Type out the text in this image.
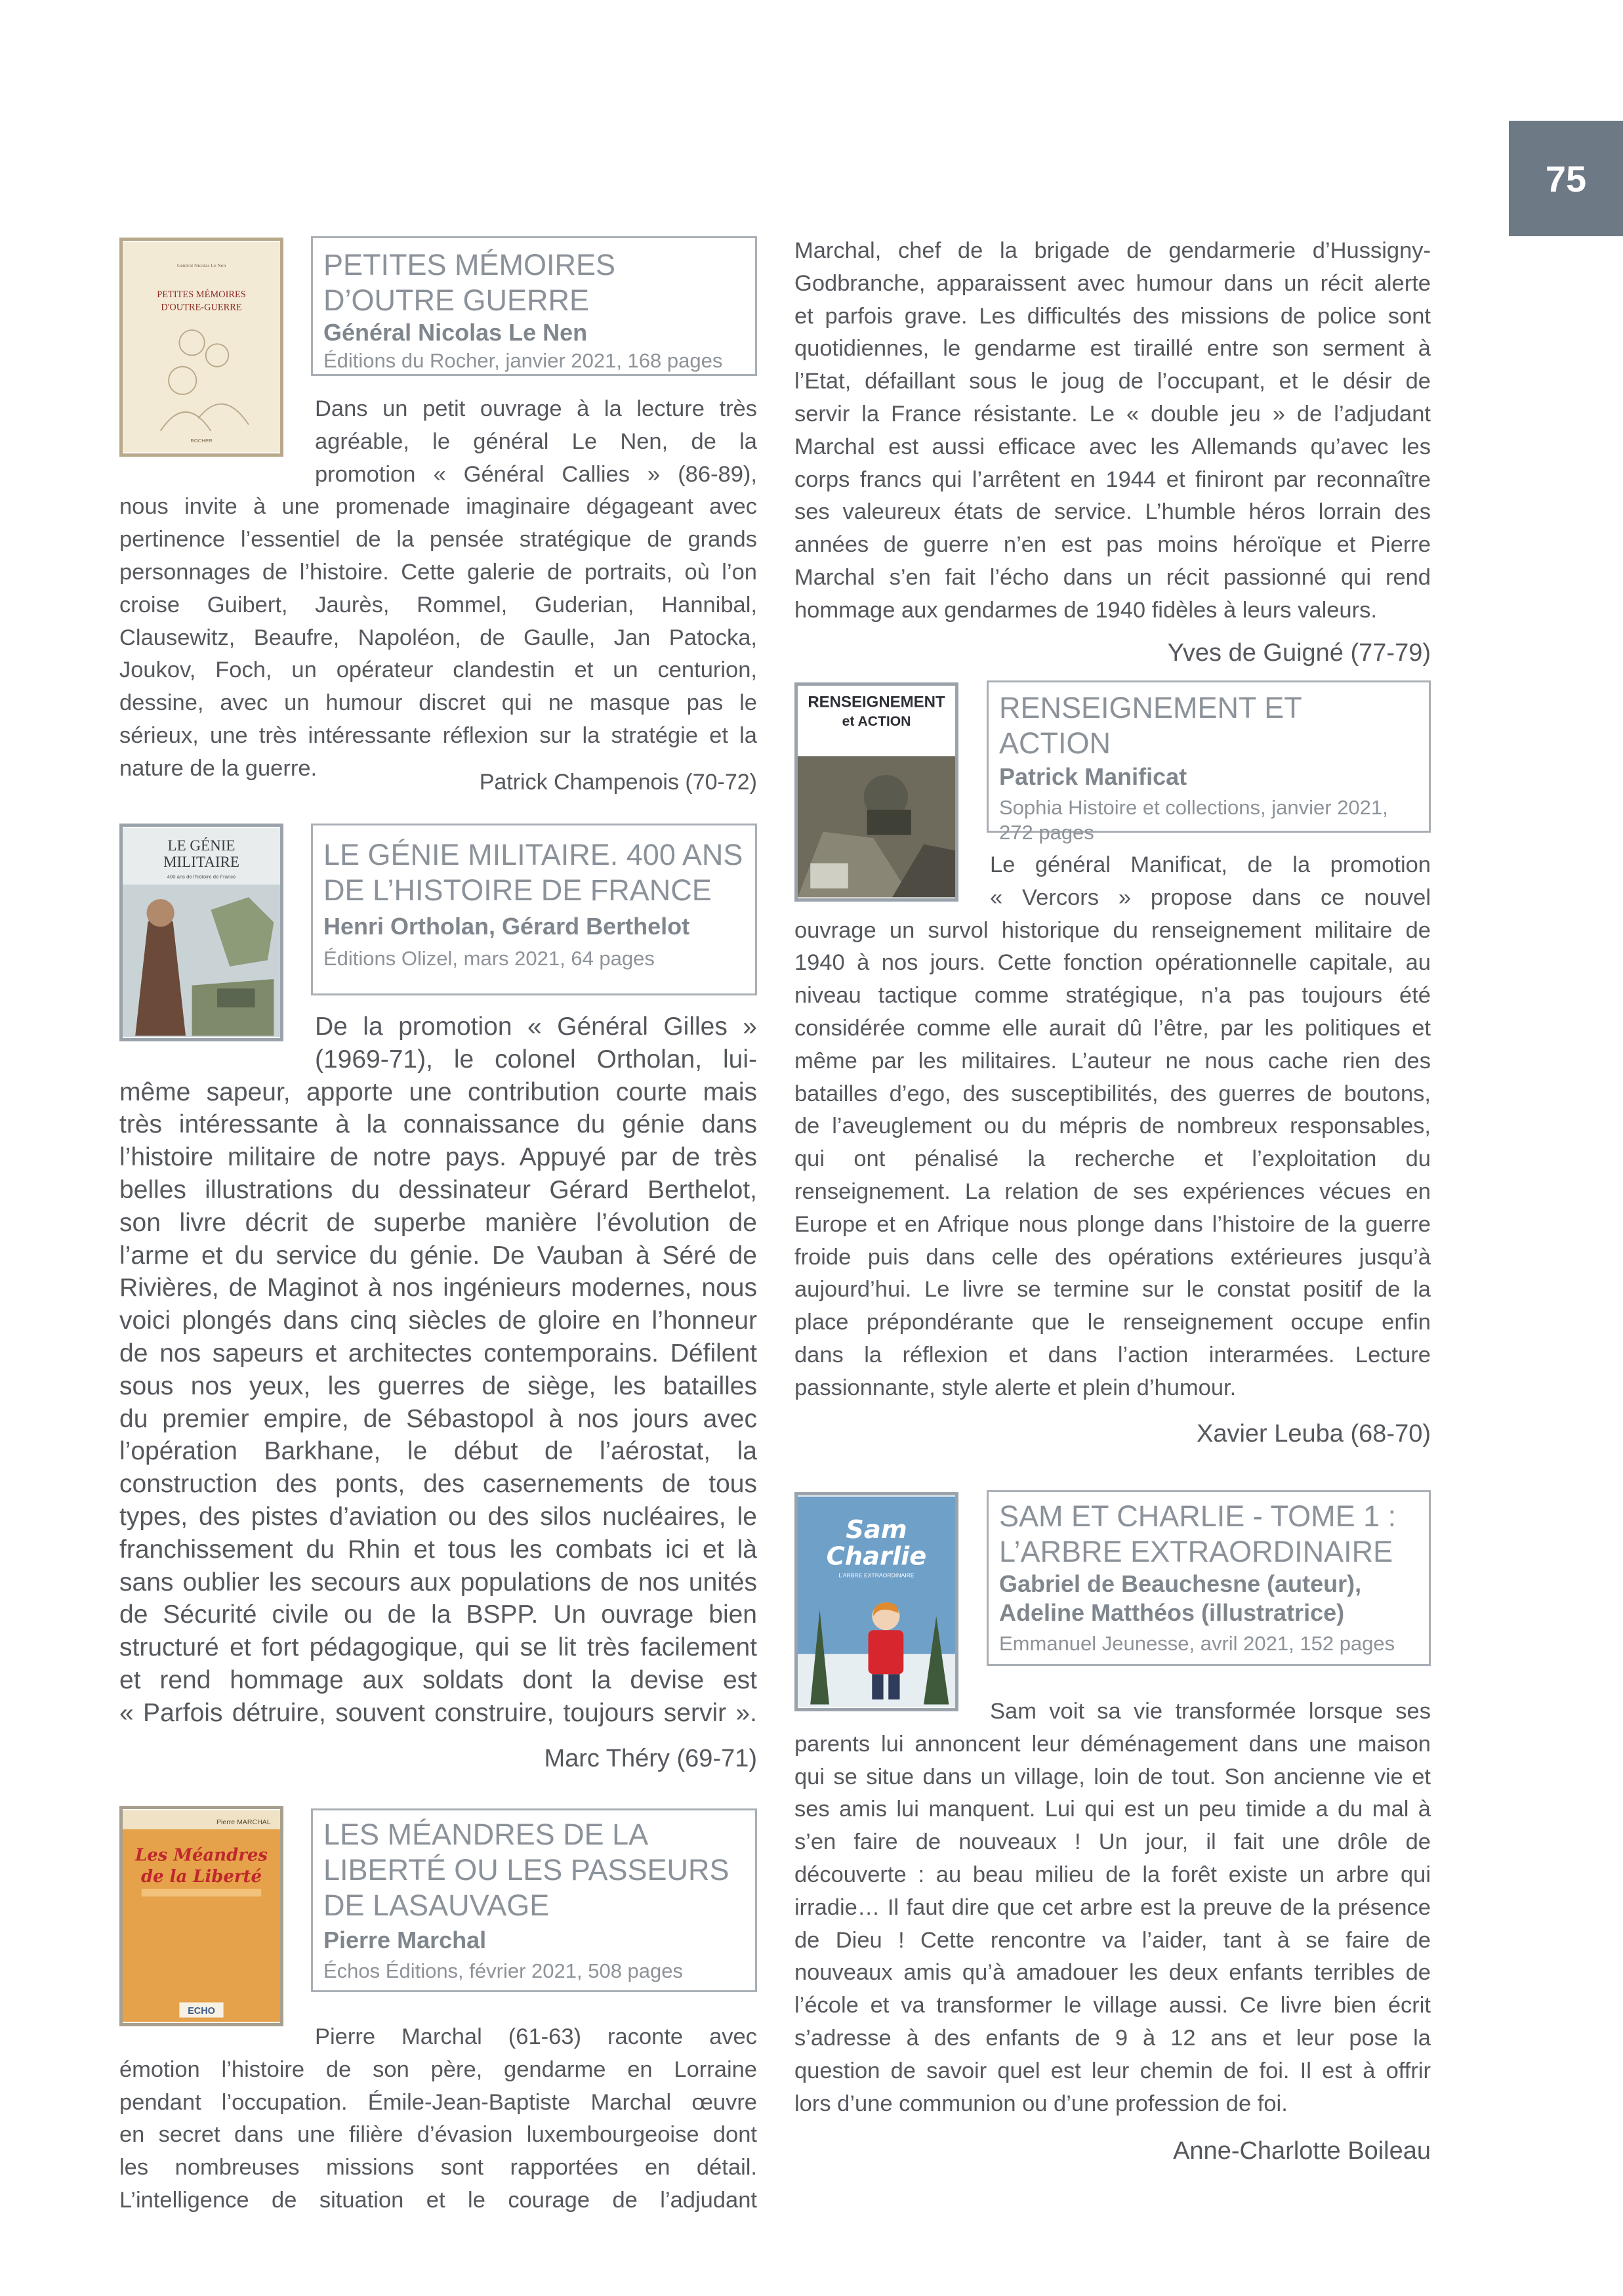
75
Général Nicolas Le Nen
PETITES MÉMOIRES
D'OUTRE-GUERRE
ROCHER
PETITES MÉMOIRES
D’OUTRE GUERRE
Général Nicolas Le Nen
Éditions du Rocher, janvier 2021, 168 pages
Dans un petit ouvrage à la lecture très
agréable, le général Le Nen, de la
promotion « Général Callies » (86-89),
nous invite à une promenade imaginaire dégageant avec
pertinence l’essentiel de la pensée stratégique de grands
personnages de l’histoire. Cette galerie de portraits, où l’on
croise Guibert, Jaurès, Rommel, Guderian, Hannibal,
Clausewitz, Beaufre, Napoléon, de Gaulle, Jan Patocka,
Joukov, Foch, un opérateur clandestin et un centurion,
dessine, avec un humour discret qui ne masque pas le
sérieux, une très intéressante réflexion sur la stratégie et la
nature de la guerre.
Patrick Champenois (70-72)
LE GÉNIE
MILITAIRE
400 ans de l'histoire de France
LE GÉNIE MILITAIRE. 400 ANS
DE L’HISTOIRE DE FRANCE
Henri Ortholan, Gérard Berthelot
Éditions Olizel, mars 2021, 64 pages
De la promotion « Général Gilles »
(1969-71), le colonel Ortholan, lui-
même sapeur, apporte une contribution courte mais
très intéressante à la connaissance du génie dans
l’histoire militaire de notre pays. Appuyé par de très
belles illustrations du dessinateur Gérard Berthelot,
son livre décrit de superbe manière l’évolution de
l’arme et du service du génie. De Vauban à Séré de
Rivières, de Maginot à nos ingénieurs modernes, nous
voici plongés dans cinq siècles de gloire en l’honneur
de nos sapeurs et architectes contemporains. Défilent
sous nos yeux, les guerres de siège, les batailles
du premier empire, de Sébastopol à nos jours avec
l’opération Barkhane, le début de l’aérostat, la
construction des ponts, des casernements de tous
types, des pistes d’aviation ou des silos nucléaires, le
franchissement du Rhin et tous les combats ici et là
sans oublier les secours aux populations de nos unités
de Sécurité civile ou de la BSPP. Un ouvrage bien
structuré et fort pédagogique, qui se lit très facilement
et rend hommage aux soldats dont la devise est
« Parfois détruire, souvent construire, toujours servir ».
Marc Théry (69-71)
Pierre MARCHAL
Les Méandres
de la Liberté
ECHO
LES MÉANDRES DE LA
LIBERTÉ OU LES PASSEURS
DE LASAUVAGE
Pierre Marchal
Échos Éditions, février 2021, 508 pages
Pierre Marchal (61-63) raconte avec
émotion l’histoire de son père, gendarme en Lorraine
pendant l’occupation. Émile-Jean-Baptiste Marchal œuvre
en secret dans une filière d’évasion luxembourgeoise dont
les nombreuses missions sont rapportées en détail.
L’intelligence de situation et le courage de l’adjudant
Marchal, chef de la brigade de gendarmerie d’Hussigny-
Godbranche, apparaissent avec humour dans un récit alerte
et parfois grave. Les difficultés des missions de police sont
quotidiennes, le gendarme est tiraillé entre son serment à
l’Etat, défaillant sous le joug de l’occupant, et le désir de
servir la France résistante. Le « double jeu » de l’adjudant
Marchal est aussi efficace avec les Allemands qu’avec les
corps francs qui l’arrêtent en 1944 et finiront par reconnaître
ses valeureux états de service. L’humble héros lorrain des
années de guerre n’en est pas moins héroïque et Pierre
Marchal s’en fait l’écho dans un récit passionné qui rend
hommage aux gendarmes de 1940 fidèles à leurs valeurs.
Yves de Guigné (77-79)
RENSEIGNEMENT
et ACTION	RENSEIGNEMENT ET ACTION
Patrick Manificat
Sophia Histoire et collections, janvier 2021,
272 pages
Le général Manificat, de la promotion
« Vercors » propose dans ce nouvel
ouvrage un survol historique du renseignement militaire de
1940 à nos jours. Cette fonction opérationnelle capitale, au
niveau tactique comme stratégique, n’a pas toujours été
considérée comme elle aurait dû l’être, par les politiques et
même par les militaires. L’auteur ne nous cache rien des
batailles d’ego, des susceptibilités, des guerres de boutons,
de l’aveuglement ou du mépris de nombreux responsables,
qui ont pénalisé la recherche et l’exploitation du
renseignement. La relation de ses expériences vécues en
Europe et en Afrique nous plonge dans l’histoire de la guerre
froide puis dans celle des opérations extérieures jusqu’à
aujourd’hui. Le livre se termine sur le constat positif de la
place prépondérante que le renseignement occupe enfin
dans la réflexion et dans l’action interarmées. Lecture
passionnante, style alerte et plein d’humour.
Xavier Leuba (68-70)
Sam
Charlie
L'ARBRE EXTRAORDINAIRE
SAM ET CHARLIE - TOME 1 :
L’ARBRE EXTRAORDINAIRE
Gabriel de Beauchesne (auteur),
Adeline Matthéos (illustratrice)
Emmanuel Jeunesse, avril 2021, 152 pages
Sam voit sa vie transformée lorsque ses
parents lui annoncent leur déménagement dans une maison
qui se situe dans un village, loin de tout. Son ancienne vie et
ses amis lui manquent. Lui qui est un peu timide a du mal à
s’en faire de nouveaux ! Un jour, il fait une drôle de
découverte : au beau milieu de la forêt existe un arbre qui
irradie… Il faut dire que cet arbre est la preuve de la présence
de Dieu ! Cette rencontre va l’aider, tant à se faire de
nouveaux amis qu’à amadouer les deux enfants terribles de
l’école et va transformer le village aussi. Ce livre bien écrit
s’adresse à des enfants de 9 à 12 ans et leur pose la
question de savoir quel est leur chemin de foi. Il est à offrir
lors d’une communion ou d’une profession de foi.
Anne-Charlotte Boileau
